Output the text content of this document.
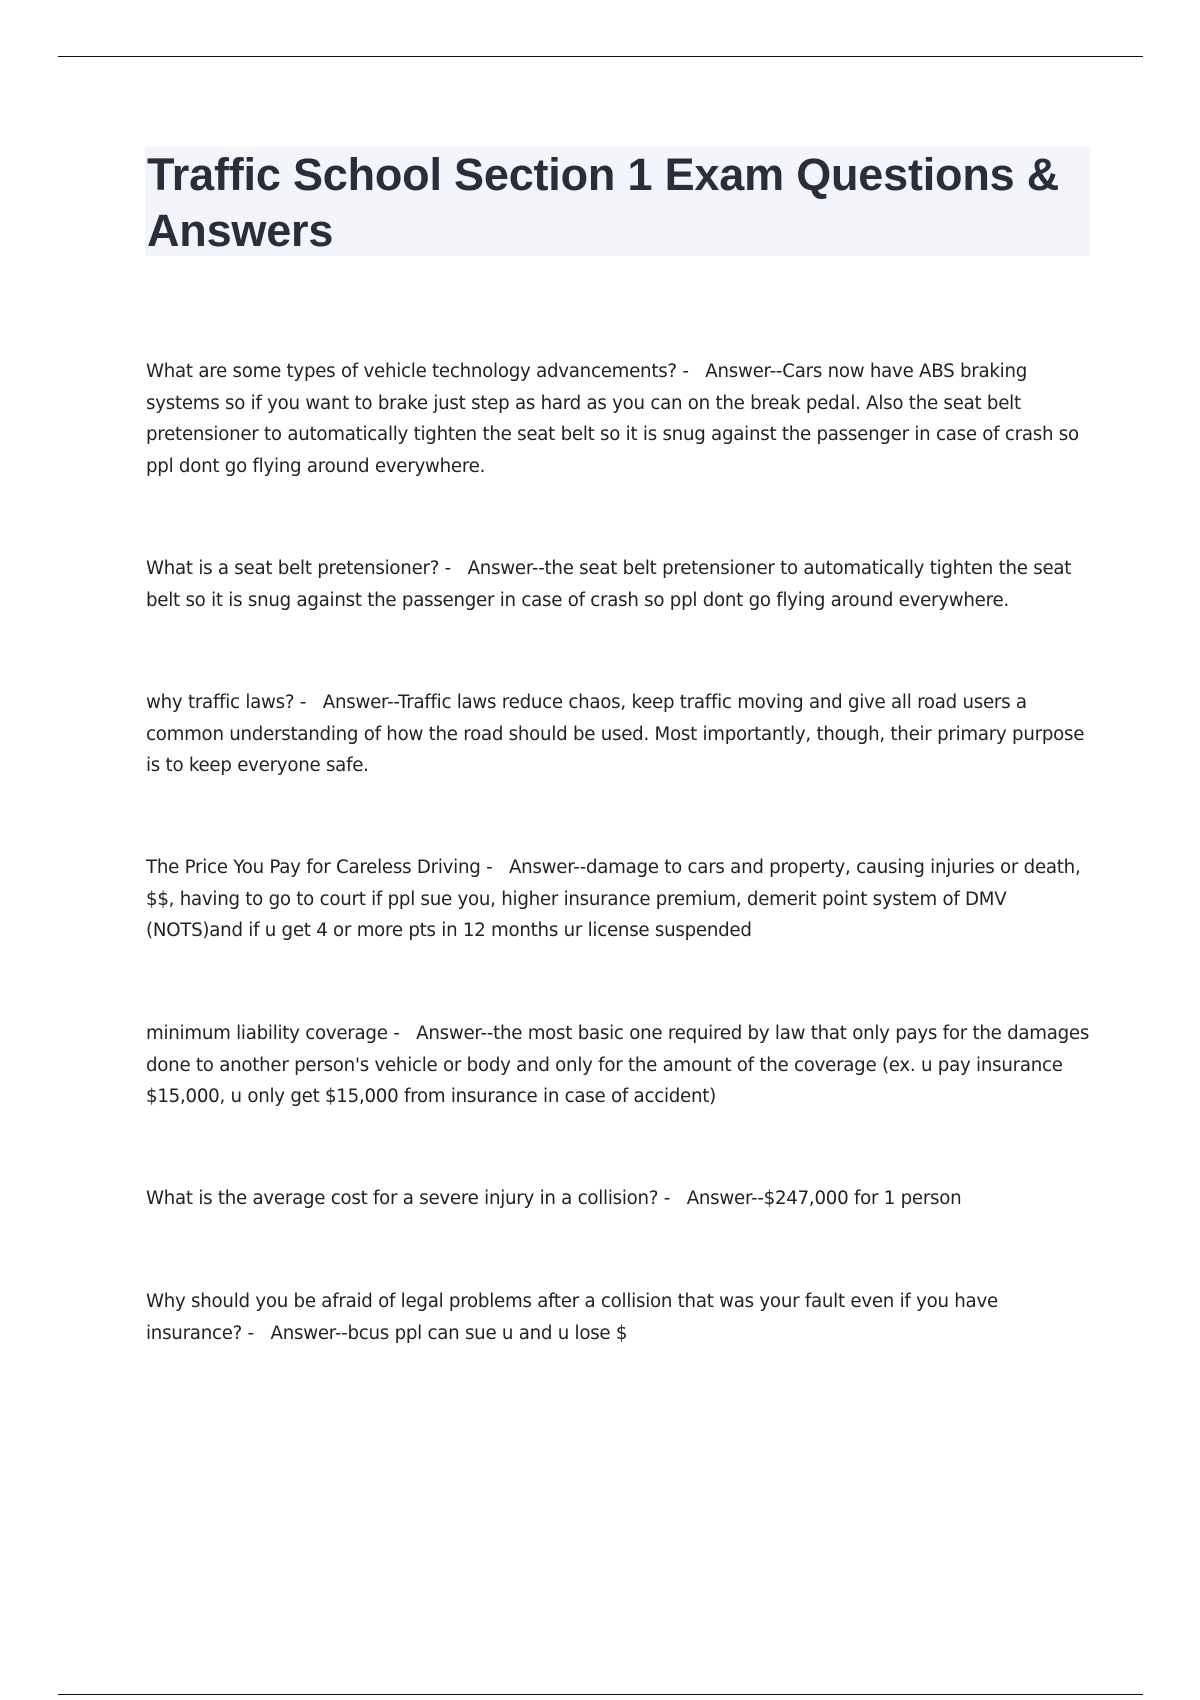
Traffic School Section 1 Exam Questions & Answers

What are some types of vehicle technology advancements? -   Answer--Cars now have ABS braking systems so if you want to brake just step as hard as you can on the break pedal. Also the seat belt pretensioner to automatically tighten the seat belt so it is snug against the passenger in case of crash so ppl dont go flying around everywhere.

What is a seat belt pretensioner? -   Answer--the seat belt pretensioner to automatically tighten the seat belt so it is snug against the passenger in case of crash so ppl dont go flying around everywhere.

why traffic laws? -   Answer--Traffic laws reduce chaos, keep traffic moving and give all road users a common understanding of how the road should be used. Most importantly, though, their primary purpose is to keep everyone safe.

The Price You Pay for Careless Driving -   Answer--damage to cars and property, causing injuries or death, $$, having to go to court if ppl sue you, higher insurance premium, demerit point system of DMV (NOTS)and if u get 4 or more pts in 12 months ur license suspended

minimum liability coverage -   Answer--the most basic one required by law that only pays for the damages done to another person's vehicle or body and only for the amount of the coverage (ex. u pay insurance $15,000, u only get $15,000 from insurance in case of accident)

What is the average cost for a severe injury in a collision? -   Answer--$247,000 for 1 person

Why should you be afraid of legal problems after a collision that was your fault even if you have insurance? -   Answer--bcus ppl can sue u and u lose $
